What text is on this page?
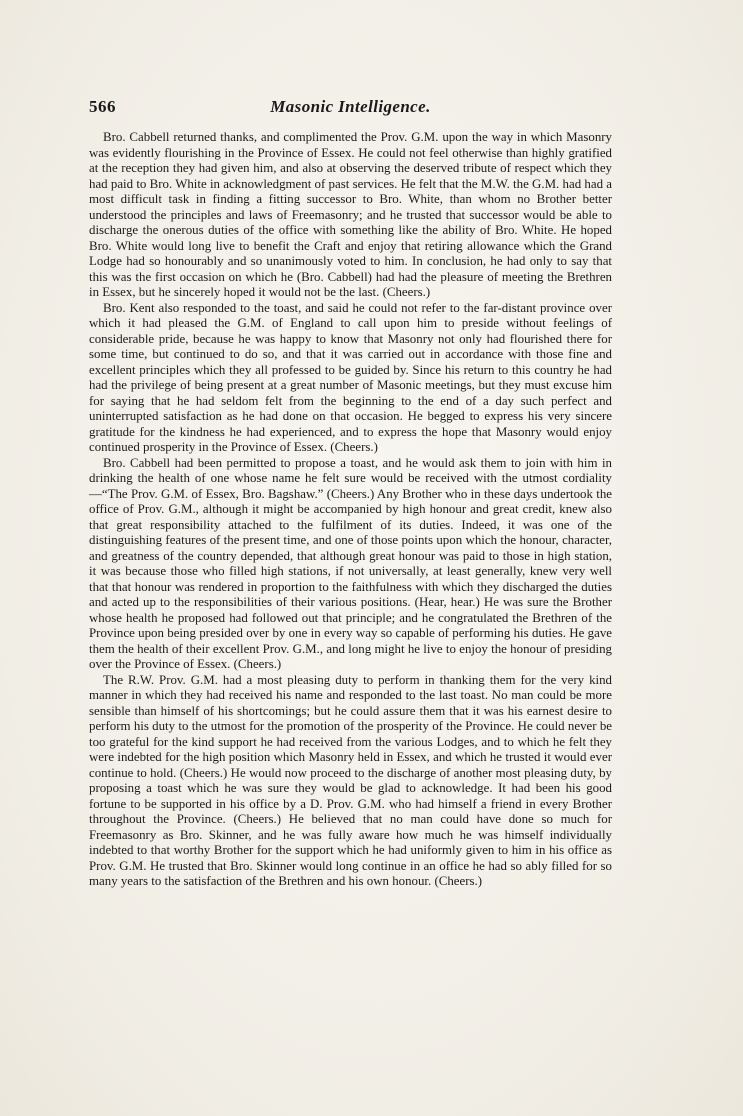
566	Masonic Intelligence.

Bro. Cabbell returned thanks, and complimented the Prov. G.M. upon the way in which Masonry was evidently flourishing in the Province of Essex. He could not feel otherwise than highly gratified at the reception they had given him, and also at observing the deserved tribute of respect which they had paid to Bro. White in acknowledgment of past services. He felt that the M.W. the G.M. had had a most difficult task in finding a fitting successor to Bro. White, than whom no Brother better understood the principles and laws of Freemasonry; and he trusted that successor would be able to discharge the onerous duties of the office with something like the ability of Bro. White. He hoped Bro. White would long live to benefit the Craft and enjoy that retiring allowance which the Grand Lodge had so honourably and so unanimously voted to him. In conclusion, he had only to say that this was the first occasion on which he (Bro. Cabbell) had had the pleasure of meeting the Brethren in Essex, but he sincerely hoped it would not be the last. (Cheers.)

Bro. Kent also responded to the toast, and said he could not refer to the far-distant province over which it had pleased the G.M. of England to call upon him to preside without feelings of considerable pride, because he was happy to know that Masonry not only had flourished there for some time, but continued to do so, and that it was carried out in accordance with those fine and excellent principles which they all professed to be guided by. Since his return to this country he had had the privilege of being present at a great number of Masonic meetings, but they must excuse him for saying that he had seldom felt from the beginning to the end of a day such perfect and uninterrupted satisfaction as he had done on that occasion. He begged to express his very sincere gratitude for the kindness he had experienced, and to express the hope that Masonry would enjoy continued prosperity in the Province of Essex. (Cheers.)

Bro. Cabbell had been permitted to propose a toast, and he would ask them to join with him in drinking the health of one whose name he felt sure would be received with the utmost cordiality—“The Prov. G.M. of Essex, Bro. Bagshaw.” (Cheers.) Any Brother who in these days undertook the office of Prov. G.M., although it might be accompanied by high honour and great credit, knew also that great responsibility attached to the fulfilment of its duties. Indeed, it was one of the distinguishing features of the present time, and one of those points upon which the honour, character, and greatness of the country depended, that although great honour was paid to those in high station, it was because those who filled high stations, if not universally, at least generally, knew very well that that honour was rendered in proportion to the faithfulness with which they discharged the duties and acted up to the responsibilities of their various positions. (Hear, hear.) He was sure the Brother whose health he proposed had followed out that principle; and he congratulated the Brethren of the Province upon being presided over by one in every way so capable of performing his duties. He gave them the health of their excellent Prov. G.M., and long might he live to enjoy the honour of presiding over the Province of Essex. (Cheers.)

The R.W. Prov. G.M. had a most pleasing duty to perform in thanking them for the very kind manner in which they had received his name and responded to the last toast. No man could be more sensible than himself of his shortcomings; but he could assure them that it was his earnest desire to perform his duty to the utmost for the promotion of the prosperity of the Province. He could never be too grateful for the kind support he had received from the various Lodges, and to which he felt they were indebted for the high position which Masonry held in Essex, and which he trusted it would ever continue to hold. (Cheers.) He would now proceed to the discharge of another most pleasing duty, by proposing a toast which he was sure they would be glad to acknowledge. It had been his good fortune to be supported in his office by a D. Prov. G.M. who had himself a friend in every Brother throughout the Province. (Cheers.) He believed that no man could have done so much for Freemasonry as Bro. Skinner, and he was fully aware how much he was himself individually indebted to that worthy Brother for the support which he had uniformly given to him in his office as Prov. G.M. He trusted that Bro. Skinner would long continue in an office he had so ably filled for so many years to the satisfaction of the Brethren and his own honour. (Cheers.)
